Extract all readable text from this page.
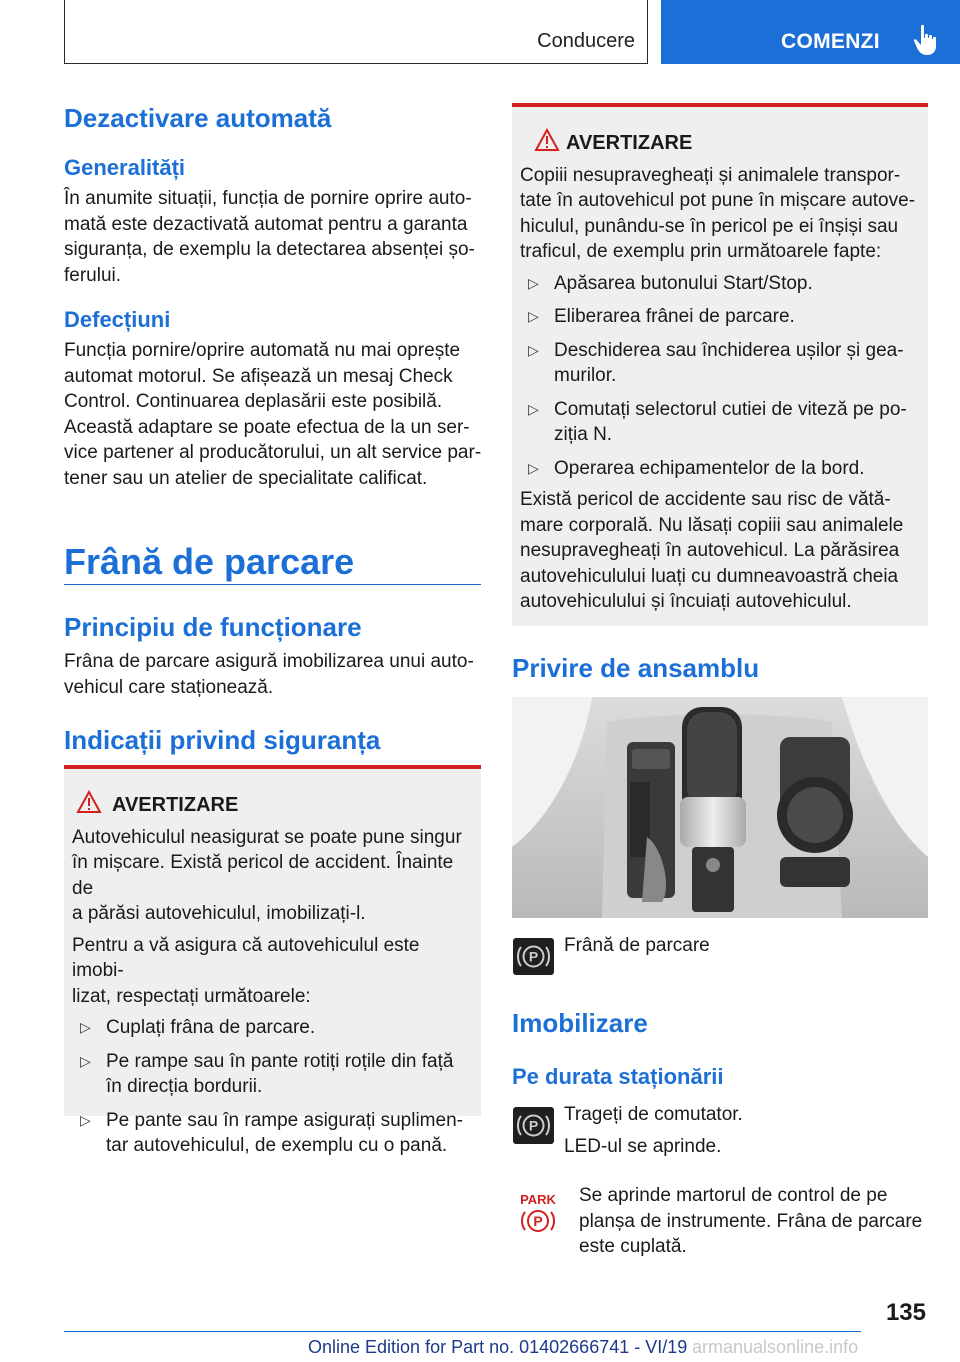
Conducere	COMENZI

Dezactivare automată

Generalități

În anumite situații, funcția de pornire oprire auto-

mată este dezactivată automat pentru a garanta

siguranța, de exemplu la detectarea absenței șo-

ferului.

Defecțiuni

Funcția pornire/oprire automată nu mai oprește

automat motorul. Se afișează un mesaj Check

Control. Continuarea deplasării este posibilă.

Această adaptare se poate efectua de la un ser-

vice partener al producătorului, un alt service par-

tener sau un atelier de specialitate calificat.

Frână de parcare

Principiu de funcționare

Frâna de parcare asigură imobilizarea unui auto-

vehicul care staționează.

Indicații privind siguranța

AVERTIZARE

Autovehiculul neasigurat se poate pune singur

în mișcare. Există pericol de accident. Înainte de

a părăsi autovehiculul, imobilizați-l.

Pentru a vă asigura că autovehiculul este imobi-

lizat, respectați următoarele:

▷ Cuplați frâna de parcare.

▷ Pe rampe sau în pante rotiți roțile din față

în direcția bordurii.

▷ Pe pante sau în rampe asigurați suplimen-

tar autovehiculul, de exemplu cu o pană.

AVERTIZARE

Copiii nesupravegheați și animalele transpor-

tate în autovehicul pot pune în mișcare autove-

hiculul, punându-se în pericol pe ei înșiși sau

traficul, de exemplu prin următoarele fapte:

▷ Apăsarea butonului Start/Stop.

▷ Eliberarea frânei de parcare.

▷ Deschiderea sau închiderea ușilor și gea-

murilor.

▷ Comutați selectorul cutiei de viteză pe po-

ziția N.

▷ Operarea echipamentelor de la bord.

Există pericol de accidente sau risc de vătă-

mare corporală. Nu lăsați copiii sau animalele

nesupravegheați în autovehicul. La părăsirea

autovehiculului luați cu dumneavoastră cheia

autovehiculului și încuiați autovehiculul.

Privire de ansamblu

P

Frână de parcare

Imobilizare

Pe durata staționării

P

Trageți de comutator.

LED-ul se aprinde.

PARK
P

Se aprinde martorul de control de pe

planșa de instrumente. Frâna de parcare

este cuplată.

135

Online Edition for Part no. 01402666741 - VI/19 armanualsonline.info
